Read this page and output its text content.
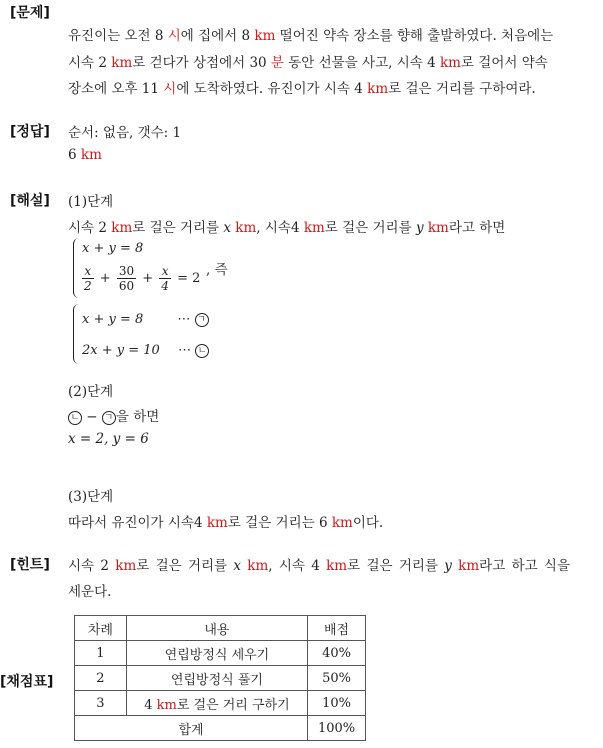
[문제]
유진이는 오전 8 시에 집에서 8 km 떨어진 약속 장소를 향해 출발하였다. 처음에는
시속 2 km로 걷다가 상점에서 30 분 동안 선물을 사고, 시속 4 km로 걸어서 약속
장소에 오후 11 시에 도착하였다. 유진이가 시속 4 km로 걸은 거리를 구하여라.
[정답] 순서: 없음, 갯수: 1
6 km
[해설] (1)단계
시속 2 km로 걸은 거리를 x km, 시속4 km로 걸은 거리를 y km라고 하면
x + y = 8
$\frac{x}{2} + \frac{30}{60} + \frac{x}{4} = 2$
, 즉
x + y = 8	⋯ ㄱ
2x + y = 10 ⋯ ㄴ
(2)단계
ㄴ − ㄱ 을 하면
x = 2, y = 6
(3)단계
따라서 유진이가 시속4 km로 걸은 거리는 6 km이다.
[힌트] 시속 2 km로 걸은 거리를 x km, 시속 4 km로 걸은 거리를 y km라고 하고 식을
세운다.
[채점표]
차례	내용	배점
1	연립방정식 세우기	40%
2	연립방정식 풀기	50%
3	4 km로 걸은 거리 구하기	10%
합계		100%
